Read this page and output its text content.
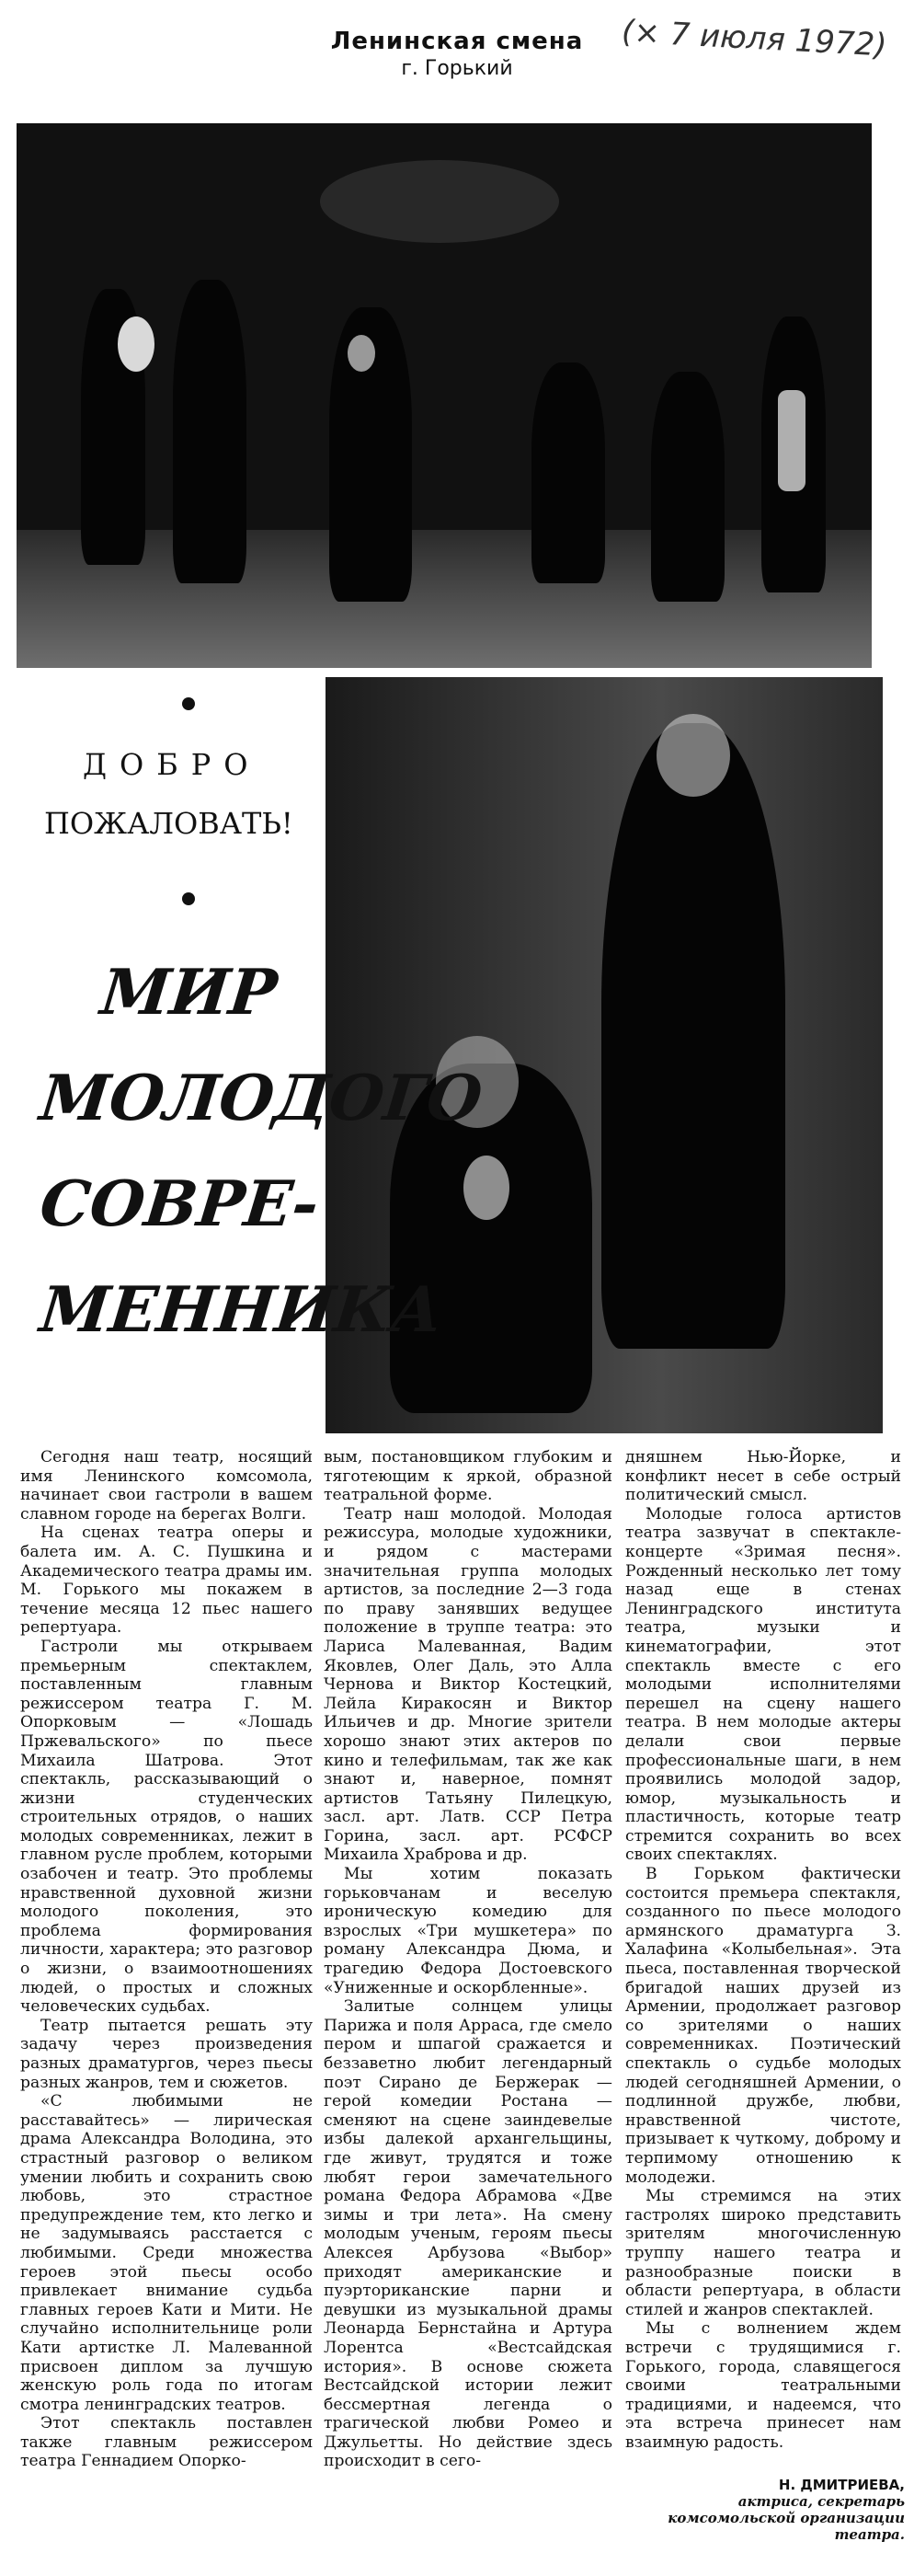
Ленинская смена
г. Горький
(× 7 июля 1972)
ДОБРО
ПОЖАЛОВАТЬ!
МИР
МОЛОДОГО
СОВРЕ-
МЕННИКА

Сегодня наш театр, носящий имя Ленинского комсомола, начинает свои гастроли в вашем славном городе на берегах Волги.

На сценах театра оперы и балета им. А. С. Пушкина и Академического театра драмы им. М. Горького мы покажем в течение месяца 12 пьес нашего репертуара.

Гастроли мы открываем премьерным спектаклем, поставленным главным режиссером театра Г. М. Опорковым — «Лошадь Пржевальского» по пьесе Михаила Шатрова. Этот спектакль, рассказывающий о жизни студенческих строительных отрядов, о наших молодых современниках, лежит в главном русле проблем, которыми озабочен и театр. Это проблемы нравственной духовной жизни молодого поколения, это проблема формирования личности, характера; это разговор о жизни, о взаимоотношениях людей, о простых и сложных человеческих судьбах.

Театр пытается решать эту задачу через произведения разных драматургов, через пьесы разных жанров, тем и сюжетов.

«С любимыми не расставайтесь» — лирическая драма Александра Володина, это страстный разговор о великом умении любить и сохранить свою любовь, это страстное предупреждение тем, кто легко и не задумываясь расстается с любимыми. Среди множества героев этой пьесы особо привлекает внимание судьба главных героев Кати и Мити. Не случайно исполнительнице роли Кати артистке Л. Малеванной присвоен диплом за лучшую женскую роль года по итогам смотра ленинградских театров.

Этот спектакль поставлен также главным режиссером театра Геннадием Опорко-

вым, постановщиком глубоким и тяготеющим к яркой, образной театральной форме.

Театр наш молодой. Молодая режиссура, молодые художники, и рядом с мастерами значительная группа молодых артистов, за последние 2—3 года по праву занявших ведущее положение в труппе театра: это Лариса Малеванная, Вадим Яковлев, Олег Даль, это Алла Чернова и Виктор Костецкий, Лейла Киракосян и Виктор Ильичев и др. Многие зрители хорошо знают этих актеров по кино и телефильмам, так же как знают и, наверное, помнят артистов Татьяну Пилецкую, засл. арт. Латв. ССР Петра Горина, засл. арт. РСФСР Михаила Храброва и др.

Мы хотим показать горьковчанам и веселую ироническую комедию для взрослых «Три мушкетера» по роману Александра Дюма, и трагедию Федора Достоевского «Униженные и оскорбленные».

Залитые солнцем улицы Парижа и поля Арраса, где смело пером и шпагой сражается и беззаветно любит легендарный поэт Сирано де Бержерак — герой комедии Ростана — сменяют на сцене заиндевелые избы далекой архангельщины, где живут, трудятся и тоже любят герои замечательного романа Федора Абрамова «Две зимы и три лета». На смену молодым ученым, героям пьесы Алексея Арбузова «Выбор» приходят американские и пуэрториканские парни и девушки из музыкальной драмы Леонарда Бернстайна и Артура Лорентса «Вестсайдская история». В основе сюжета Вестсайдской истории лежит бессмертная легенда о трагической любви Ромео и Джульетты. Но действие здесь происходит в сего-

дняшнем Нью-Йорке, и конфликт несет в себе острый политический смысл.

Молодые голоса артистов театра зазвучат в спектакле-концерте «Зримая песня». Рожденный несколько лет тому назад еще в стенах Ленинградского института театра, музыки и кинематографии, этот спектакль вместе с его молодыми исполнителями перешел на сцену нашего театра. В нем молодые актеры делали свои первые профессиональные шаги, в нем проявились молодой задор, юмор, музыкальность и пластичность, которые театр стремится сохранить во всех своих спектаклях.

В Горьком фактически состоится премьера спектакля, созданного по пьесе молодого армянского драматурга З. Халафина «Колыбельная». Эта пьеса, поставленная творческой бригадой наших друзей из Армении, продолжает разговор со зрителями о наших современниках. Поэтический спектакль о судьбе молодых людей сегодняшней Армении, о подлинной дружбе, любви, нравственной чистоте, призывает к чуткому, доброму и терпимому отношению к молодежи.

Мы стремимся на этих гастролях широко представить зрителям многочисленную труппу нашего театра и разнообразные поиски в области репертуара, в области стилей и жанров спектаклей.

Мы с волнением ждем встречи с трудящимися г. Горького, города, славящегося своими театральными традициями, и надеемся, что эта встреча принесет нам взаимную радость.

Н. ДМИТРИЕВА,
актриса, секретарь комсомольской организации театра.
